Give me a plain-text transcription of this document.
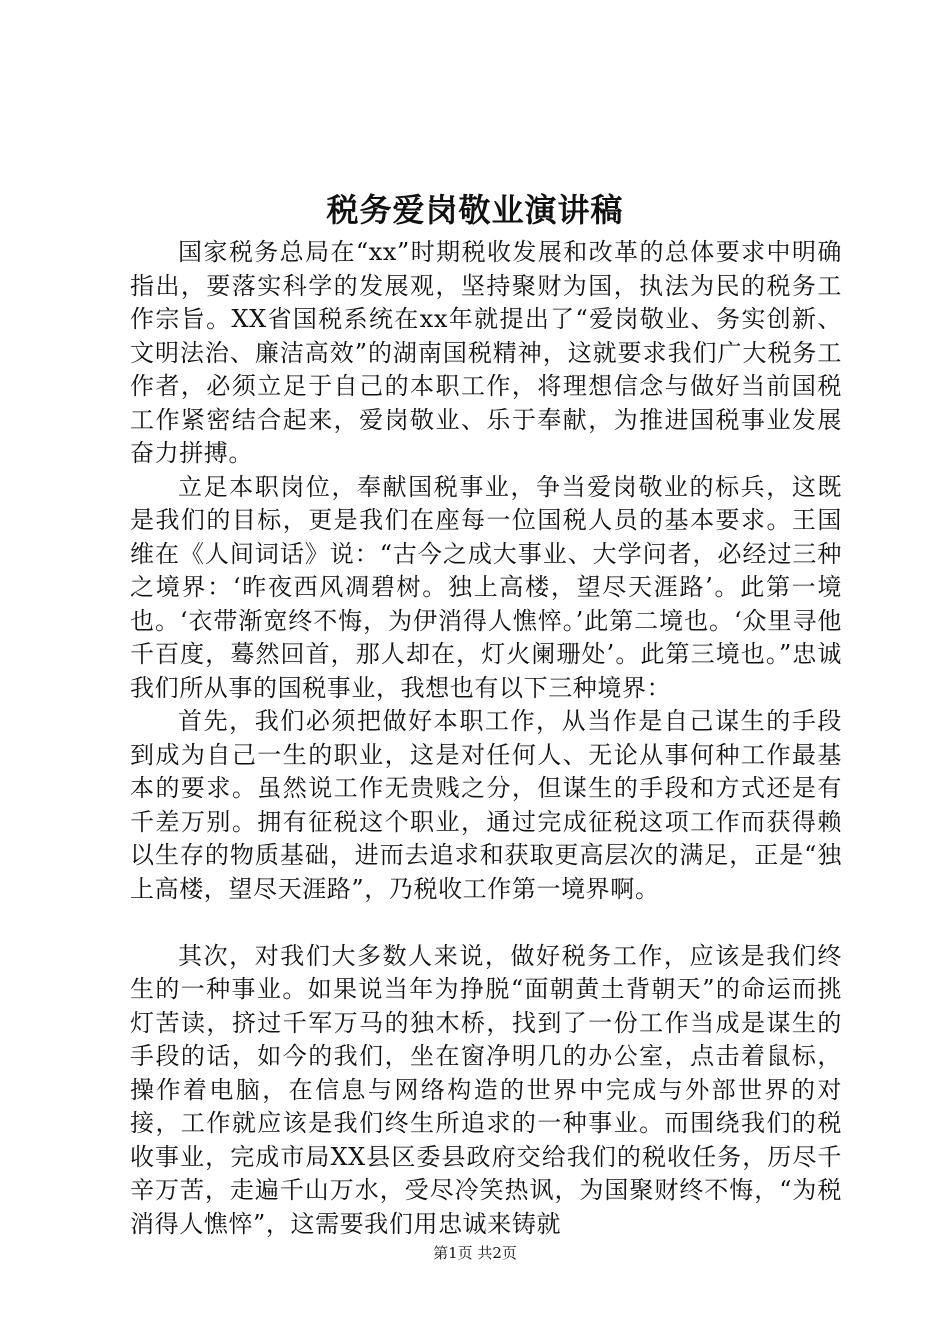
税务爱岗敬业演讲稿

国家税务总局在“xx”时期税收发展和改革的总体要求中明确指出，要落实科学的发展观，坚持聚财为国，执法为民的税务工作宗旨。XX省国税系统在xx年就提出了“爱岗敬业、务实创新、文明法治、廉洁高效”的湖南国税精神，这就要求我们广大税务工作者，必须立足于自己的本职工作，将理想信念与做好当前国税工作紧密结合起来，爱岗敬业、乐于奉献，为推进国税事业发展奋力拼搏。

立足本职岗位，奉献国税事业，争当爱岗敬业的标兵，这既是我们的目标，更是我们在座每一位国税人员的基本要求。王国维在《人间词话》说：“古今之成大事业、大学问者，必经过三种之境界：‘昨夜西风凋碧树。独上高楼，望尽天涯路’。此第一境也。‘衣带渐宽终不悔，为伊消得人憔悴。’此第二境也。‘众里寻他千百度，蓦然回首，那人却在，灯火阑珊处’。此第三境也。”忠诚我们所从事的国税事业，我想也有以下三种境界：

首先，我们必须把做好本职工作，从当作是自己谋生的手段到成为自己一生的职业，这是对任何人、无论从事何种工作最基本的要求。虽然说工作无贵贱之分，但谋生的手段和方式还是有千差万别。拥有征税这个职业，通过完成征税这项工作而获得赖以生存的物质基础，进而去追求和获取更高层次的满足，正是“独上高楼，望尽天涯路”，乃税收工作第一境界啊。

其次，对我们大多数人来说，做好税务工作，应该是我们终生的一种事业。如果说当年为挣脱“面朝黄土背朝天”的命运而挑灯苦读，挤过千军万马的独木桥，找到了一份工作当成是谋生的手段的话，如今的我们，坐在窗净明几的办公室，点击着鼠标，操作着电脑，在信息与网络构造的世界中完成与外部世界的对接，工作就应该是我们终生所追求的一种事业。而围绕我们的税收事业，完成市局XX县区委县政府交给我们的税收任务，历尽千辛万苦，走遍千山万水，受尽冷笑热讽，为国聚财终不悔，“为税消得人憔悴”，这需要我们用忠诚来铸就

第1页 共2页
